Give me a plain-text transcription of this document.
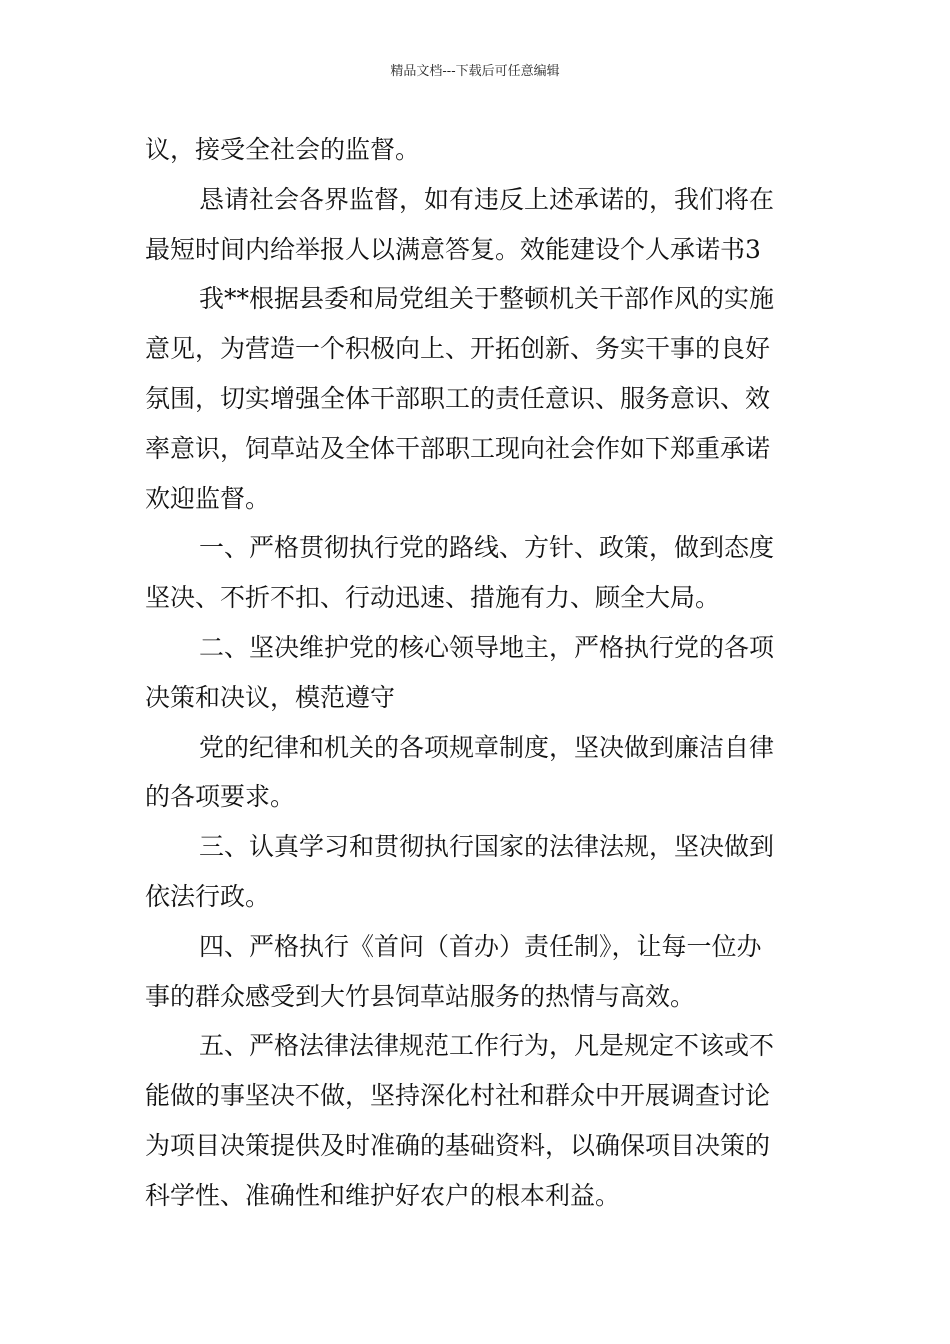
精品文档---下载后可任意编辑
议，接受全社会的监督。
恳请社会各界监督，如有违反上述承诺的，我们将在
最短时间内给举报人以满意答复。效能建设个人承诺书3
我**根据县委和局党组关于整顿机关干部作风的实施
意见，为营造一个积极向上、开拓创新、务实干事的良好
氛围，切实增强全体干部职工的责任意识、服务意识、效
率意识，饲草站及全体干部职工现向社会作如下郑重承诺
欢迎监督。
一、严格贯彻执行党的路线、方针、政策，做到态度
坚决、不折不扣、行动迅速、措施有力、顾全大局。
二、坚决维护党的核心领导地主，严格执行党的各项
决策和决议，模范遵守
党的纪律和机关的各项规章制度，坚决做到廉洁自律
的各项要求。
三、认真学习和贯彻执行国家的法律法规，坚决做到
依法行政。
四、严格执行《首问（首办）责任制》，让每一位办
事的群众感受到大竹县饲草站服务的热情与高效。
五、严格法律法律规范工作行为，凡是规定不该或不
能做的事坚决不做，坚持深化村社和群众中开展调查讨论
为项目决策提供及时准确的基础资料，以确保项目决策的
科学性、准确性和维护好农户的根本利益。
